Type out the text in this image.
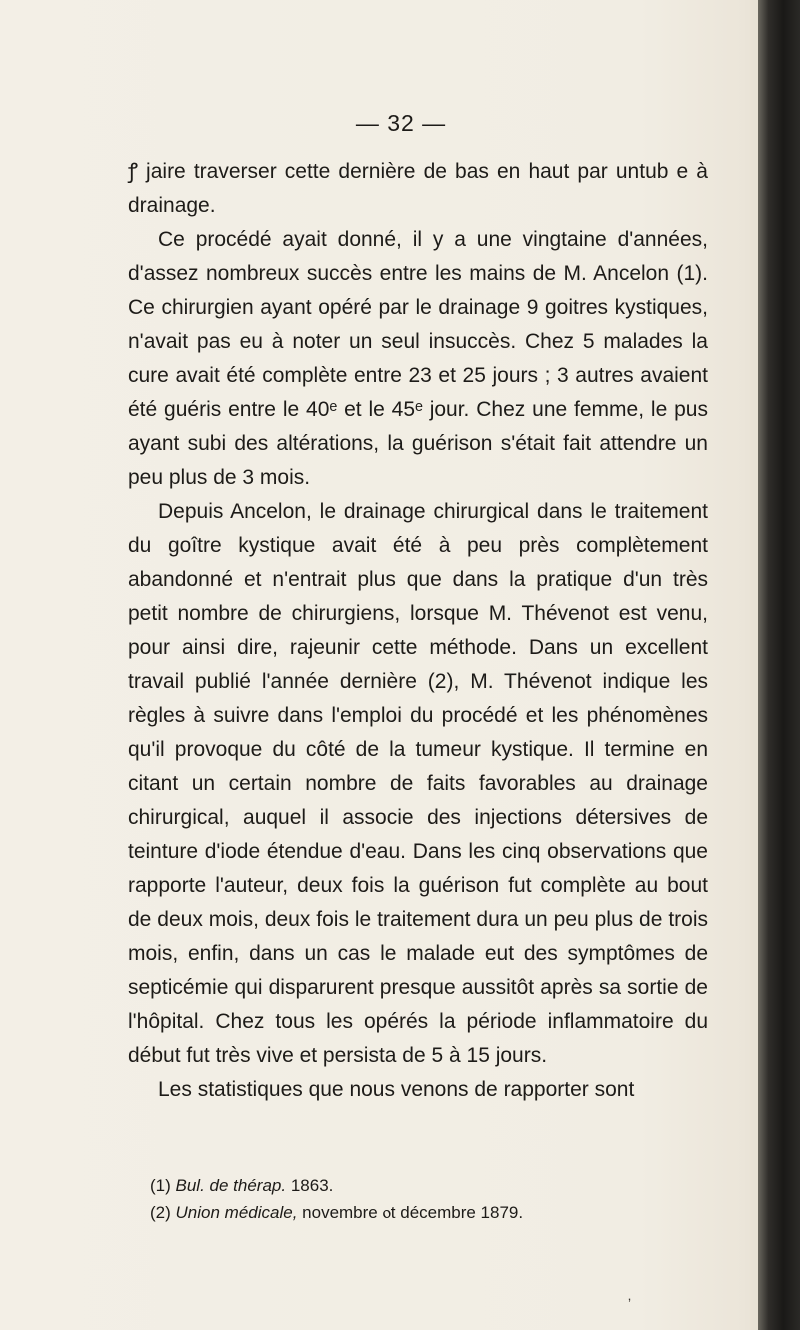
— 32 —

ꝭ jaire traverser cette dernière de bas en haut par untub e à drainage.

Ce procédé ayait donné, il y a une vingtaine d'années, d'assez nombreux succès entre les mains de M. Ancelon (1). Ce chirurgien ayant opéré par le drainage 9 goitres kystiques, n'avait pas eu à noter un seul insuccès. Chez 5 malades la cure avait été complète entre 23 et 25 jours ; 3 autres avaient été guéris entre le 40ᵉ et le 45ᵉ jour. Chez une femme, le pus ayant subi des altérations, la guérison s'était fait attendre un peu plus de 3 mois.

Depuis Ancelon, le drainage chirurgical dans le traitement du goître kystique avait été à peu près complètement abandonné et n'entrait plus que dans la pratique d'un très petit nombre de chirurgiens, lorsque M. Thévenot est venu, pour ainsi dire, rajeunir cette méthode. Dans un excellent travail publié l'année dernière (2), M. Thévenot indique les règles à suivre dans l'emploi du procédé et les phénomènes qu'il provoque du côté de la tumeur kystique. Il termine en citant un certain nombre de faits favorables au drainage chirurgical, auquel il associe des injections détersives de teinture d'iode étendue d'eau. Dans les cinq observations que rapporte l'auteur, deux fois la guérison fut complète au bout de deux mois, deux fois le traitement dura un peu plus de trois mois, enfin, dans un cas le malade eut des symptômes de septicémie qui disparurent presque aussitôt après sa sortie de l'hôpital. Chez tous les opérés la période inflammatoire du début fut très vive et persista de 5 à 15 jours.

Les statistiques que nous venons de rapporter sont

(1) Bul. de thérap. 1863.

(2) Union médicale, novembre ⲟt décembre 1879.

ʼ
